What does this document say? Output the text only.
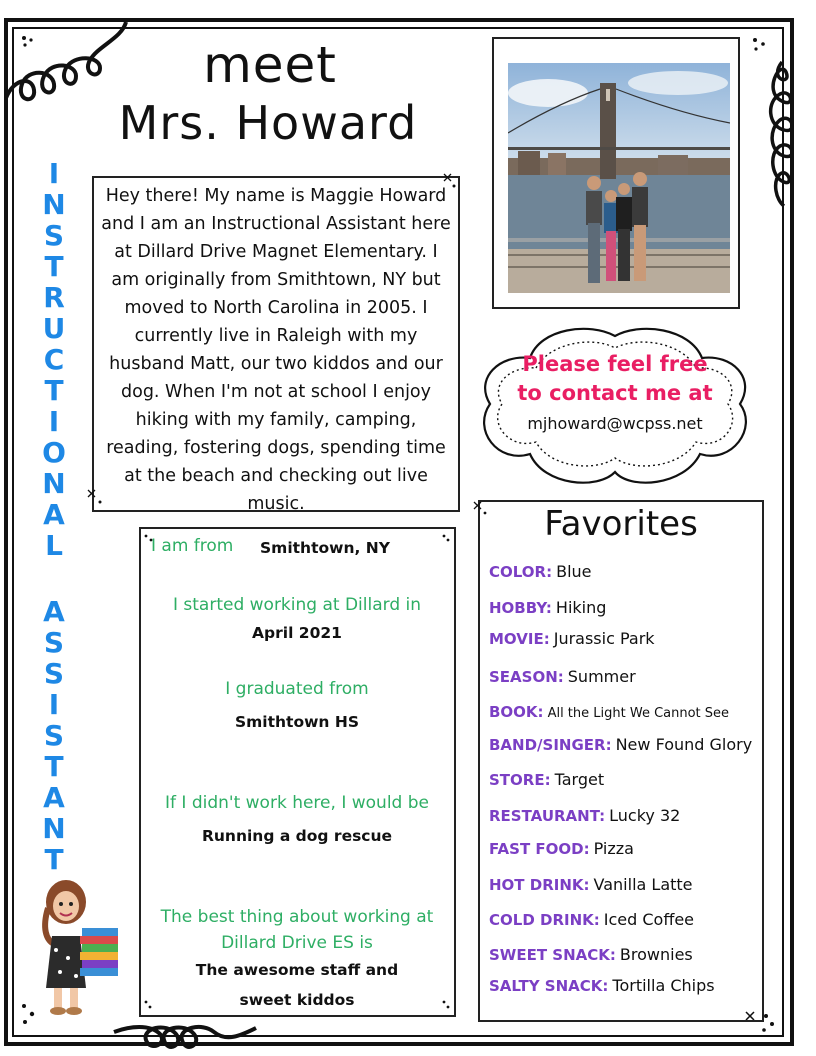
I
N
S
T
R
U
C
T
I
O
N
A
L
A
S
S
I
S
T
A
N
T
meet
Mrs. Howard

Hey there! My name is Maggie Howard and I am an Instructional Assistant here at Dillard Drive Magnet Elementary. I am originally from Smithtown, NY but moved to North Carolina in 2005. I currently live in Raleigh with my husband Matt, our two kiddos and our dog. When I'm not at school I enjoy hiking with my family, camping, reading, fostering dogs, spending time at the beach and checking out live music.

Please feel free
to contact me at
mjhoward@wcpss.net
I am from Smithtown, NY
I started working at Dillard in
April 2021
I graduated from
Smithtown HS
If I didn't work here, I would be
Running a dog rescue
The best thing about working at
Dillard Drive ES is
The awesome staff and
sweet kiddos
Favorites
COLOR: Blue
HOBBY: Hiking
MOVIE: Jurassic Park
SEASON: Summer
BOOK: All the Light We Cannot See
BAND/SINGER: New Found Glory
STORE: Target
RESTAURANT: Lucky 32
FAST FOOD: Pizza
HOT DRINK: Vanilla Latte
COLD DRINK: Iced Coffee
SWEET SNACK: Brownies
SALTY SNACK: Tortilla Chips
